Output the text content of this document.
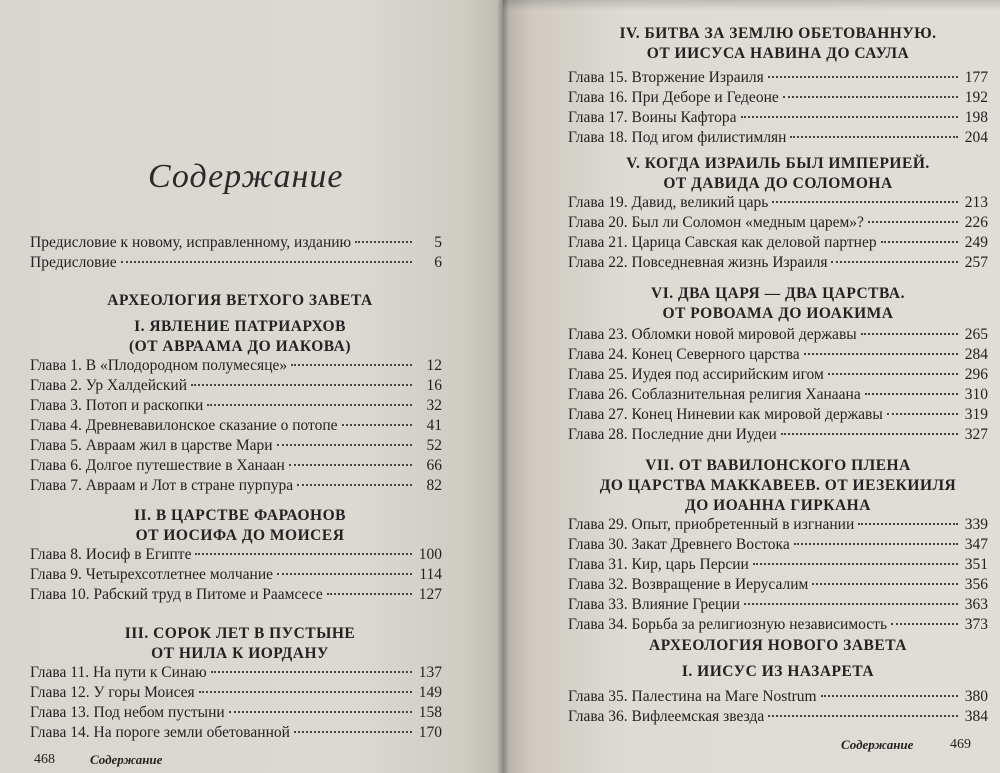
Содержание
Предисловие к новому, исправленному, изданию	5
Предисловие	6
АРХЕОЛОГИЯ ВЕТХОГО ЗАВЕТА
I. ЯВЛЕНИЕ ПАТРИАРХОВ
(ОТ АВРААМА ДО ИАКОВА)
Глава 1. В «Плодородном полумесяце»	12
Глава 2. Ур Халдейский	16
Глава 3. Потоп и раскопки	32
Глава 4. Древневавилонское сказание о потопе	41
Глава 5. Авраам жил в царстве Мари	52
Глава 6. Долгое путешествие в Ханаан	66
Глава 7. Авраам и Лот в стране пурпура	82
II. В ЦАРСТВЕ ФАРАОНОВ
ОТ ИОСИФА ДО МОИСЕЯ
Глава 8. Иосиф в Египте	100
Глава 9. Четырехсотлетнее молчание	114
Глава 10. Рабский труд в Питоме и Раамсесе	127
III. СОРОК ЛЕТ В ПУСТЫНЕ
ОТ НИЛА К ИОРДАНУ
Глава 11. На пути к Синаю	137
Глава 12. У горы Моисея	149
Глава 13. Под небом пустыни	158
Глава 14. На пороге земли обетованной	170
468	Содержание
IV. БИТВА ЗА ЗЕМЛЮ ОБЕТОВАННУЮ.
ОТ ИИСУСА НАВИНА ДО САУЛА
Глава 15. Вторжение Израиля	177
Глава 16. При Деборе и Гедеоне	192
Глава 17. Воины Кафтора	198
Глава 18. Под игом филистимлян	204
V. КОГДА ИЗРАИЛЬ БЫЛ ИМПЕРИЕЙ.
ОТ ДАВИДА ДО СОЛОМОНА
Глава 19. Давид, великий царь	213
Глава 20. Был ли Соломон «медным царем»?	226
Глава 21. Царица Савская как деловой партнер	249
Глава 22. Повседневная жизнь Израиля	257
VI. ДВА ЦАРЯ — ДВА ЦАРСТВА.
ОТ РОВОАМА ДО ИОАКИМА
Глава 23. Обломки новой мировой державы	265
Глава 24. Конец Северного царства	284
Глава 25. Иудея под ассирийским игом	296
Глава 26. Соблазнительная религия Ханаана	310
Глава 27. Конец Ниневии как мировой державы	319
Глава 28. Последние дни Иудеи	327
VII. ОТ ВАВИЛОНСКОГО ПЛЕНА
ДО ЦАРСТВА МАККАВЕЕВ. ОТ ИЕЗЕКИИЛЯ
ДО ИОАННА ГИРКАНА
Глава 29. Опыт, приобретенный в изгнании	339
Глава 30. Закат Древнего Востока	347
Глава 31. Кир, царь Персии	351
Глава 32. Возвращение в Иерусалим	356
Глава 33. Влияние Греции	363
Глава 34. Борьба за религиозную независимость	373
АРХЕОЛОГИЯ НОВОГО ЗАВЕТА
I. ИИСУС ИЗ НАЗАРЕТА
Глава 35. Палестина на Маге Nostrum	380
Глава 36. Вифлеемская звезда	384
Содержание	469
